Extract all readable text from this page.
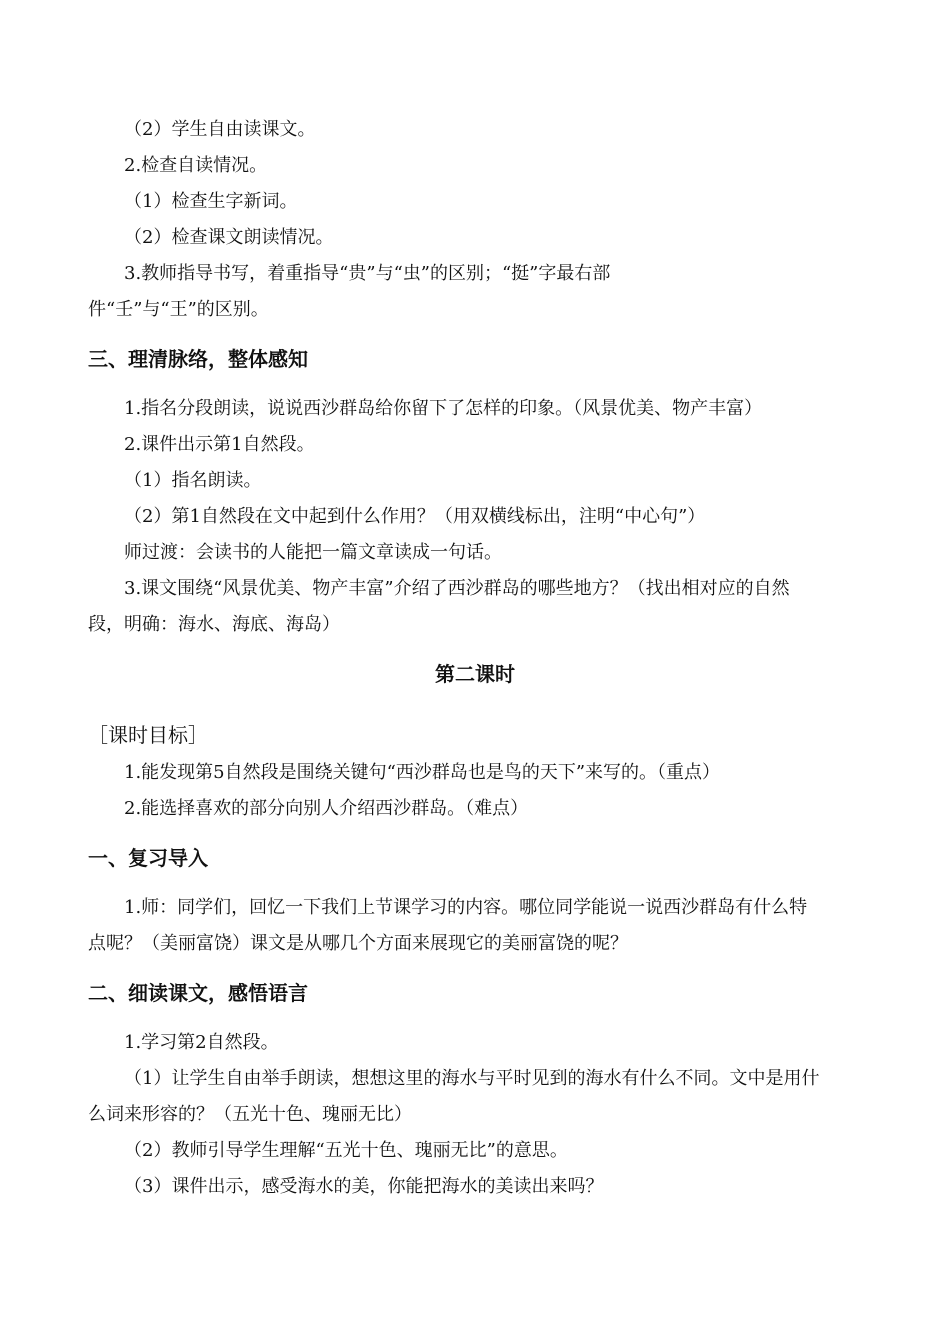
（2）学生自由读课文。
2.检查自读情况。
（1）检查生字新词。
（2）检查课文朗读情况。
3.教师指导书写，着重指导“贵”与“虫”的区别；“挺”字最右部
件“壬”与“王”的区别。
三、理清脉络，整体感知
1.指名分段朗读，说说西沙群岛给你留下了怎样的印象。（风景优美、物产丰富）
2.课件出示第1自然段。
（1）指名朗读。
（2）第1自然段在文中起到什么作用？（用双横线标出，注明“中心句”）
师过渡：会读书的人能把一篇文章读成一句话。
3.课文围绕“风景优美、物产丰富”介绍了西沙群岛的哪些地方？（找出相对应的自然
段，明确：海水、海底、海岛）
第二课时
［课时目标］
1.能发现第5自然段是围绕关键句“西沙群岛也是鸟的天下”来写的。（重点）
2.能选择喜欢的部分向别人介绍西沙群岛。（难点）
一、复习导入
1.师：同学们，回忆一下我们上节课学习的内容。哪位同学能说一说西沙群岛有什么特
点呢？（美丽富饶）课文是从哪几个方面来展现它的美丽富饶的呢？
二、细读课文，感悟语言
1.学习第2自然段。
（1）让学生自由举手朗读，想想这里的海水与平时见到的海水有什么不同。文中是用什
么词来形容的？（五光十色、瑰丽无比）
（2）教师引导学生理解“五光十色、瑰丽无比”的意思。
（3）课件出示，感受海水的美，你能把海水的美读出来吗？
